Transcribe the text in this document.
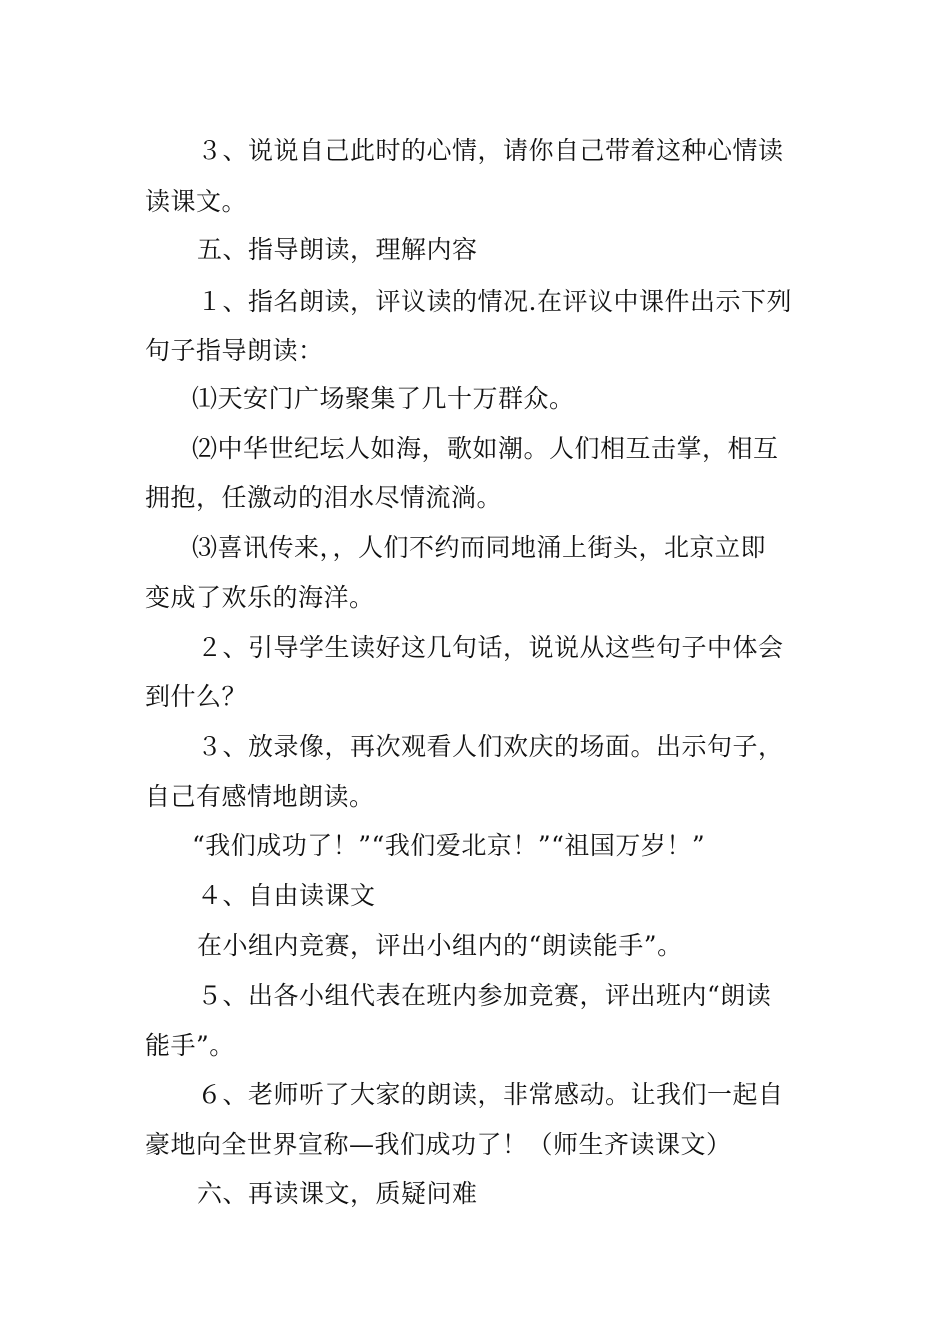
３、说说自己此时的心情，请你自己带着这种心情读
读课文。
五、指导朗读，理解内容
１、指名朗读，评议读的情况.在评议中课件出示下列
句子指导朗读：
⑴天安门广场聚集了几十万群众。
⑵中华世纪坛人如海，歌如潮。人们相互击掌，相互
拥抱，任激动的泪水尽情流淌。
⑶喜讯传来，，人们不约而同地涌上街头，北京立即
变成了欢乐的海洋。
２、引导学生读好这几句话，说说从这些句子中体会
到什么？
３、放录像，再次观看人们欢庆的场面。出示句子，
自己有感情地朗读。
“我们成功了！”“我们爱北京！”“祖国万岁！”
４、自由读课文
在小组内竞赛，评出小组内的“朗读能手”。
５、出各小组代表在班内参加竞赛，评出班内“朗读
能手”。
６、老师听了大家的朗读，非常感动。让我们一起自
豪地向全世界宣称—我们成功了！（师生齐读课文）
六、再读课文，质疑问难
